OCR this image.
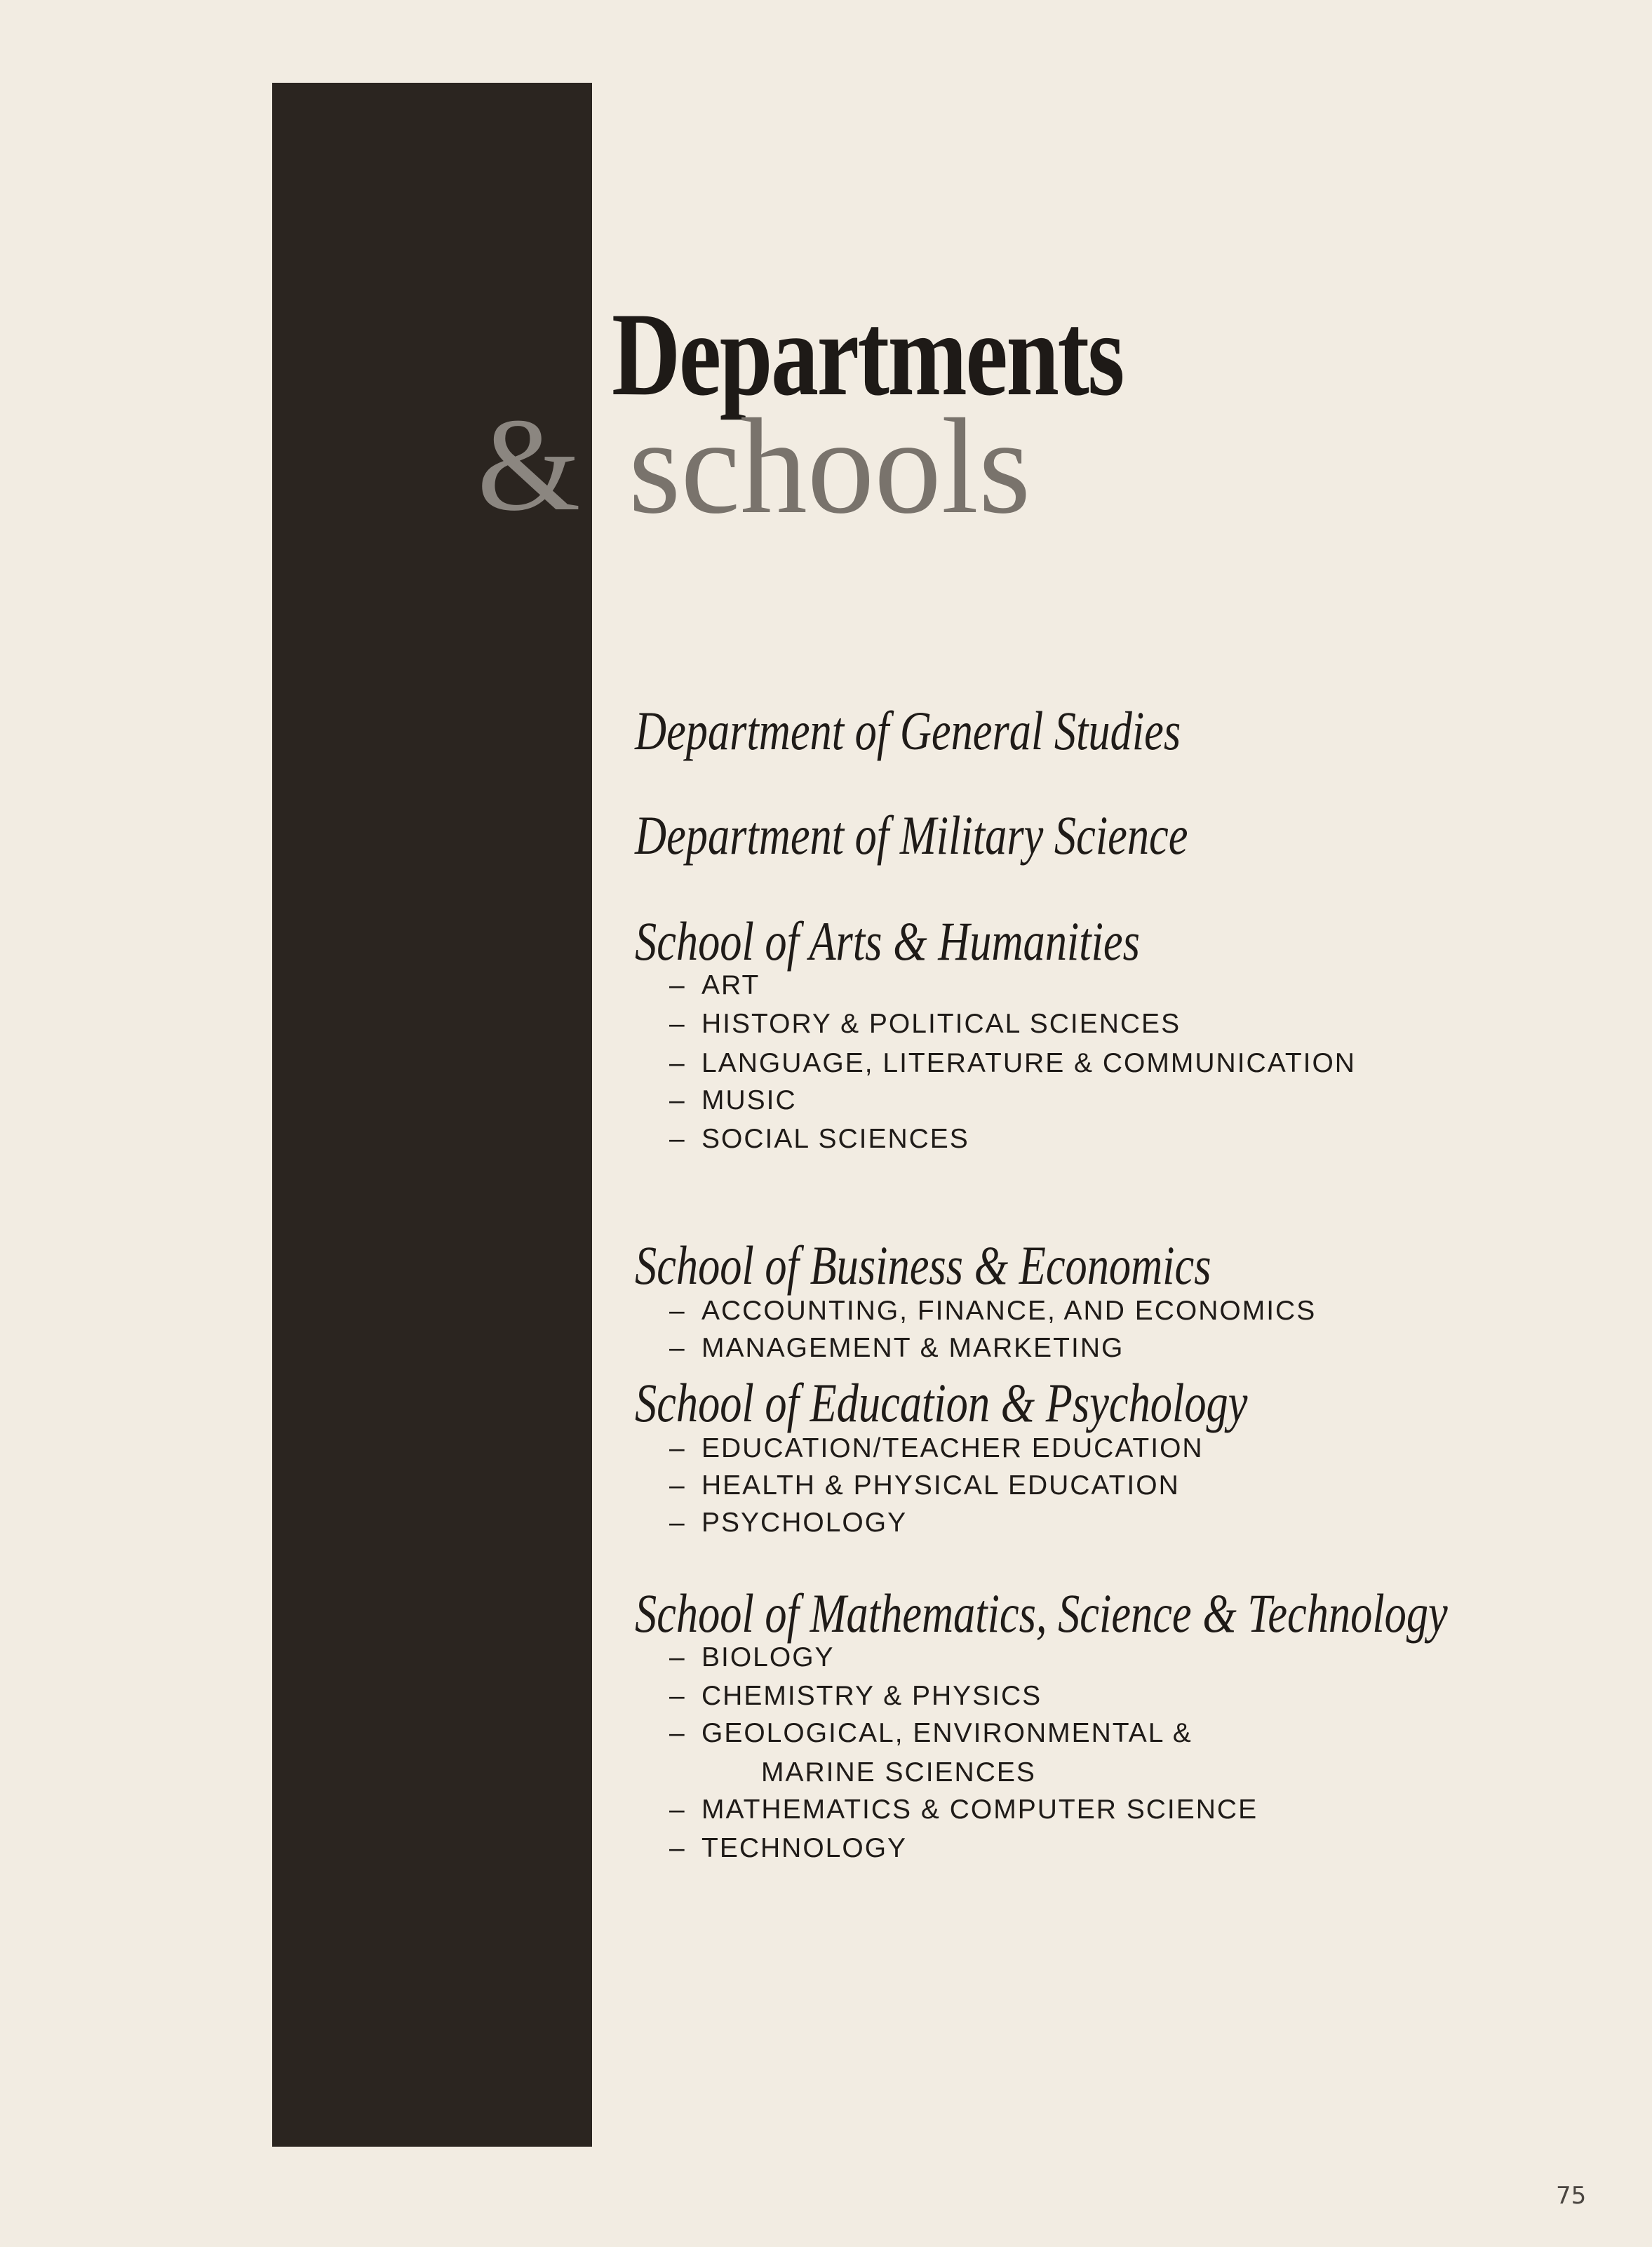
Departments
& schools
Department of General Studies
Department of Military Science
School of Arts & Humanities
– ART
– HISTORY & POLITICAL SCIENCES
– LANGUAGE, LITERATURE & COMMUNICATION
– MUSIC
– SOCIAL SCIENCES
School of Business & Economics
– ACCOUNTING, FINANCE, AND ECONOMICS
– MANAGEMENT & MARKETING
School of Education & Psychology
– EDUCATION/TEACHER EDUCATION
– HEALTH & PHYSICAL EDUCATION
– PSYCHOLOGY
School of Mathematics, Science & Technology
– BIOLOGY
– CHEMISTRY & PHYSICS
– GEOLOGICAL, ENVIRONMENTAL &
MARINE SCIENCES
– MATHEMATICS & COMPUTER SCIENCE
– TECHNOLOGY
75
